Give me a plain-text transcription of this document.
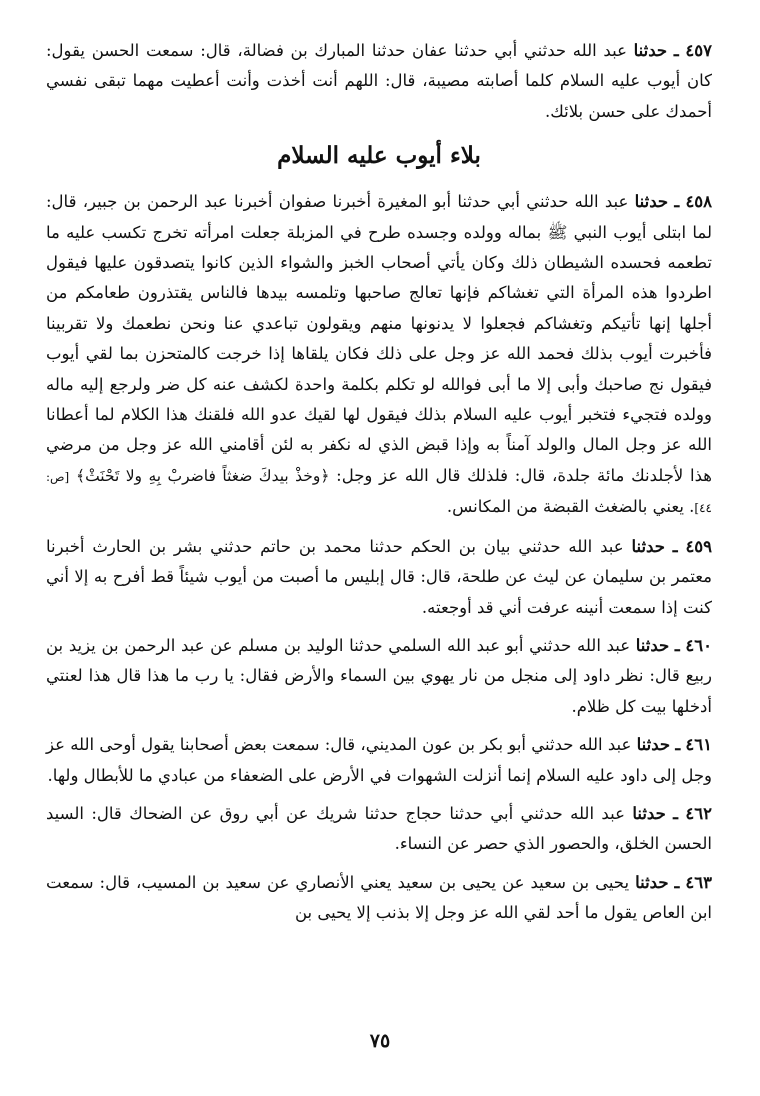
٤٥٧ ـ حدثنا عبد الله حدثني أبي حدثنا عفان حدثنا المبارك بن فضالة، قال: سمعت الحسن يقول: كان أيوب عليه السلام كلما أصابته مصيبة، قال: اللهم أنت أخذت وأنت أعطيت مهما تبقى نفسي أحمدك على حسن بلائك.

بلاء أيوب عليه السلام

٤٥٨ ـ حدثنا عبد الله حدثني أبي حدثنا أبو المغيرة أخبرنا صفوان أخبرنا عبد الرحمن بن جبير، قال: لما ابتلى أيوب النبي ﷺ بماله وولده وجسده طرح في المزبلة جعلت امرأته تخرج تكسب عليه ما تطعمه فحسده الشيطان ذلك وكان يأتي أصحاب الخبز والشواء الذين كانوا يتصدقون عليها فيقول اطردوا هذه المرأة التي تغشاكم فإنها تعالج صاحبها وتلمسه بيدها فالناس يقتذرون طعامكم من أجلها إنها تأتيكم وتغشاكم فجعلوا لا يدنونها منهم ويقولون تباعدي عنا ونحن نطعمك ولا تقربينا فأخبرت أيوب بذلك فحمد الله عز وجل على ذلك فكان يلقاها إذا خرجت كالمتحزن بما لقي أيوب فيقول نج صاحبك وأبى إلا ما أبى فوالله لو تكلم بكلمة واحدة لكشف عنه كل ضر ولرجع إليه ماله وولده فتجيء فتخبر أيوب عليه السلام بذلك فيقول لها لقيك عدو الله فلقنك هذا الكلام لما أعطانا الله عز وجل المال والولد آمناً به وإذا قبض الذي له نكفر به لئن أقامني الله عز وجل من مرضي هذا لأجلدنك مائة جلدة، قال: فلذلك قال الله عز وجل: ﴿وخذْ بيدكَ ضغثاً فاضربْ بِهِ ولا تَحْنَثْ﴾ [ص: ٤٤]. يعني بالضغث القبضة من المكانس.

٤٥٩ ـ حدثنا عبد الله حدثني بيان بن الحكم حدثنا محمد بن حاتم حدثني بشر بن الحارث أخبرنا معتمر بن سليمان عن ليث عن طلحة، قال: قال إبليس ما أصبت من أيوب شيئاً قط أفرح به إلا أني كنت إذا سمعت أنينه عرفت أني قد أوجعته.

٤٦٠ ـ حدثنا عبد الله حدثني أبو عبد الله السلمي حدثنا الوليد بن مسلم عن عبد الرحمن بن يزيد بن ربيع قال: نظر داود إلى منجل من نار يهوي بين السماء والأرض فقال: يا رب ما هذا قال هذا لعنتي أدخلها بيت كل ظلام.

٤٦١ ـ حدثنا عبد الله حدثني أبو بكر بن عون المديني، قال: سمعت بعض أصحابنا يقول أوحى الله عز وجل إلى داود عليه السلام إنما أنزلت الشهوات في الأرض على الضعفاء من عبادي ما للأبطال ولها.

٤٦٢ ـ حدثنا عبد الله حدثني أبي حدثنا حجاج حدثنا شريك عن أبي روق عن الضحاك قال: السيد الحسن الخلق، والحصور الذي حصر عن النساء.

٤٦٣ ـ حدثنا يحيى بن سعيد عن يحيى بن سعيد يعني الأنصاري عن سعيد بن المسيب، قال: سمعت ابن العاص يقول ما أحد لقي الله عز وجل إلا بذنب إلا يحيى بن

٧٥
